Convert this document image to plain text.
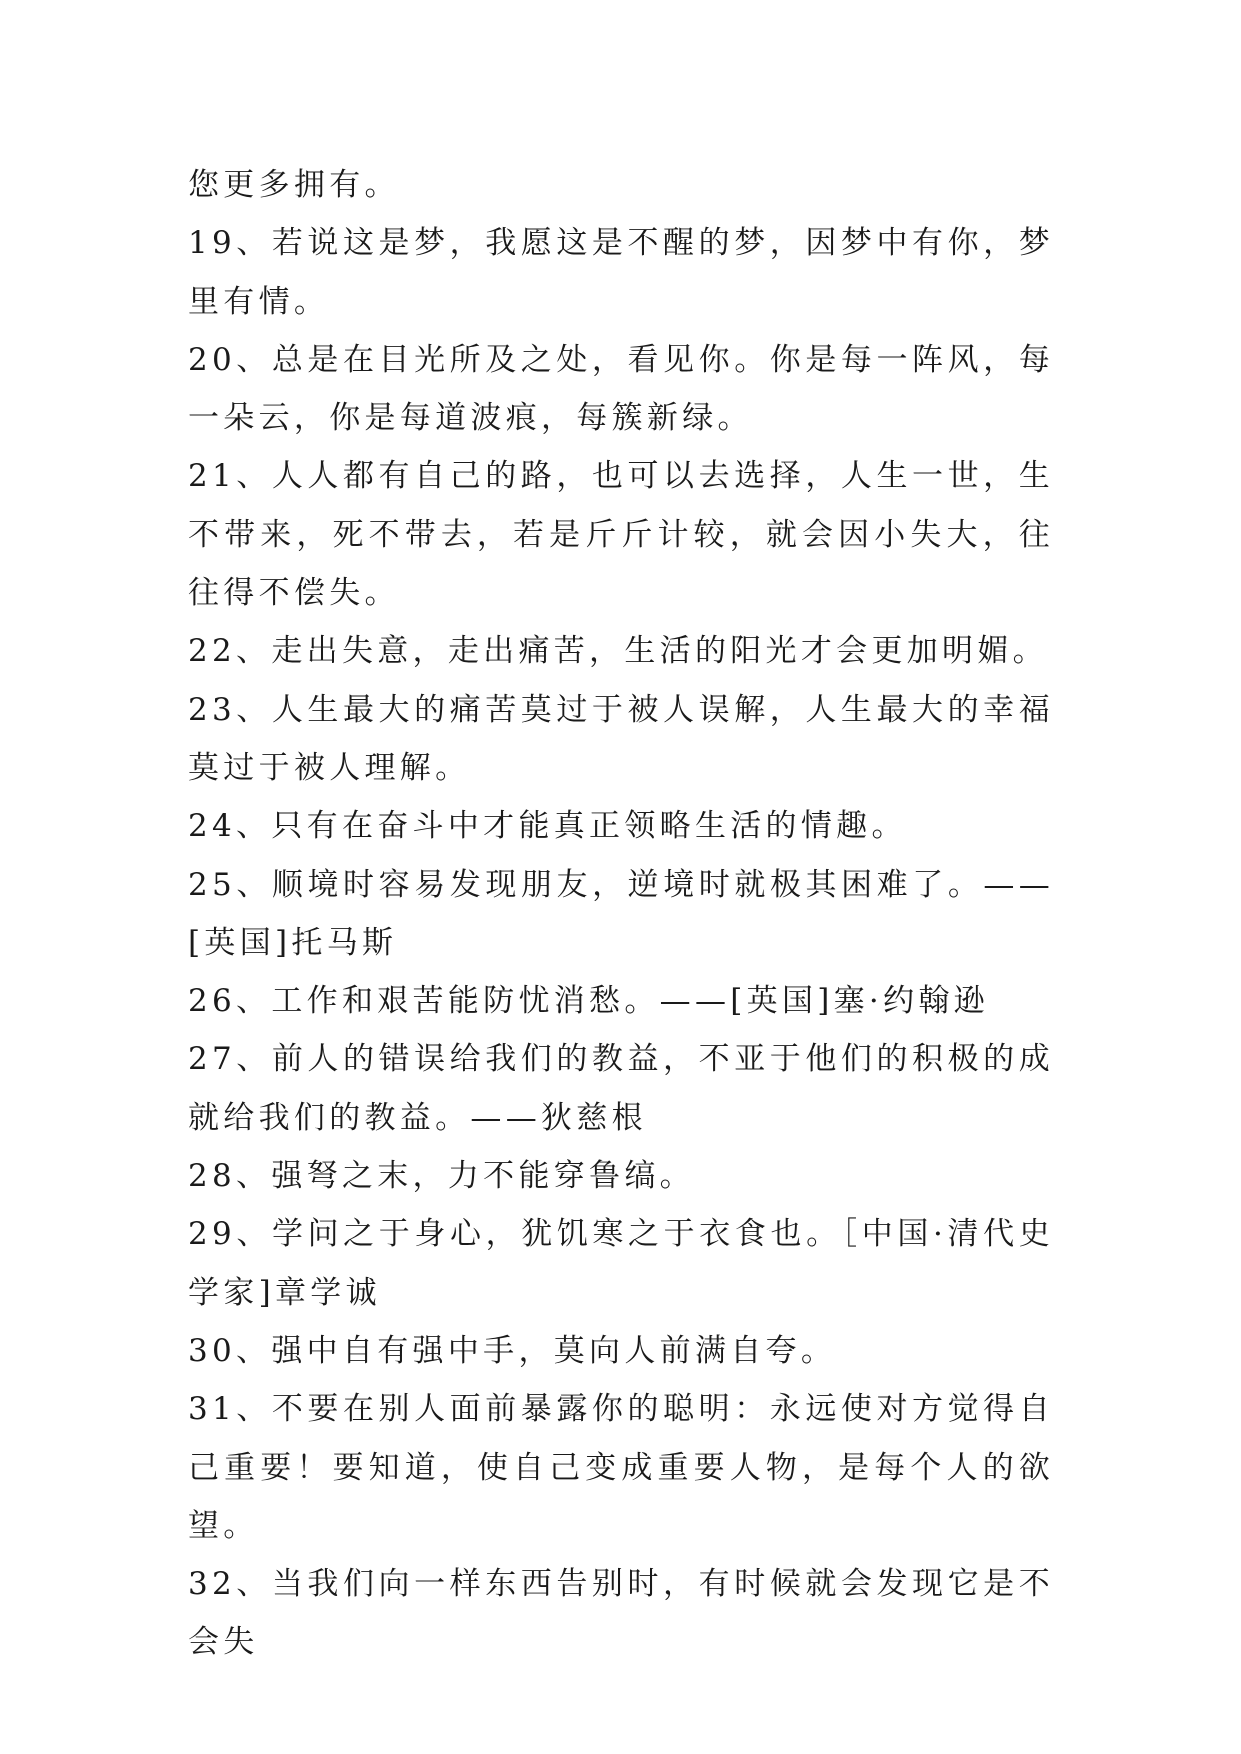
您更多拥有。

19、若说这是梦，我愿这是不醒的梦，因梦中有你，梦里有情。

20、总是在目光所及之处，看见你。你是每一阵风，每一朵云，你是每道波痕，每簇新绿。

21、人人都有自己的路，也可以去选择，人生一世，生不带来，死不带去，若是斤斤计较，就会因小失大，往往得不偿失。

22、走出失意，走出痛苦，生活的阳光才会更加明媚。

23、人生最大的痛苦莫过于被人误解，人生最大的幸福莫过于被人理解。

24、只有在奋斗中才能真正领略生活的情趣。

25、顺境时容易发现朋友，逆境时就极其困难了。——[英国]托马斯

26、工作和艰苦能防忧消愁。——[英国]塞·约翰逊

27、前人的错误给我们的教益，不亚于他们的积极的成就给我们的教益。——狄慈根

28、强弩之末，力不能穿鲁缟。

29、学问之于身心，犹饥寒之于衣食也。［中国·清代史学家]章学诚

30、强中自有强中手，莫向人前满自夸。

31、不要在别人面前暴露你的聪明：永远使对方觉得自己重要！要知道，使自己变成重要人物，是每个人的欲望。

32、当我们向一样东西告别时，有时候就会发现它是不会失
